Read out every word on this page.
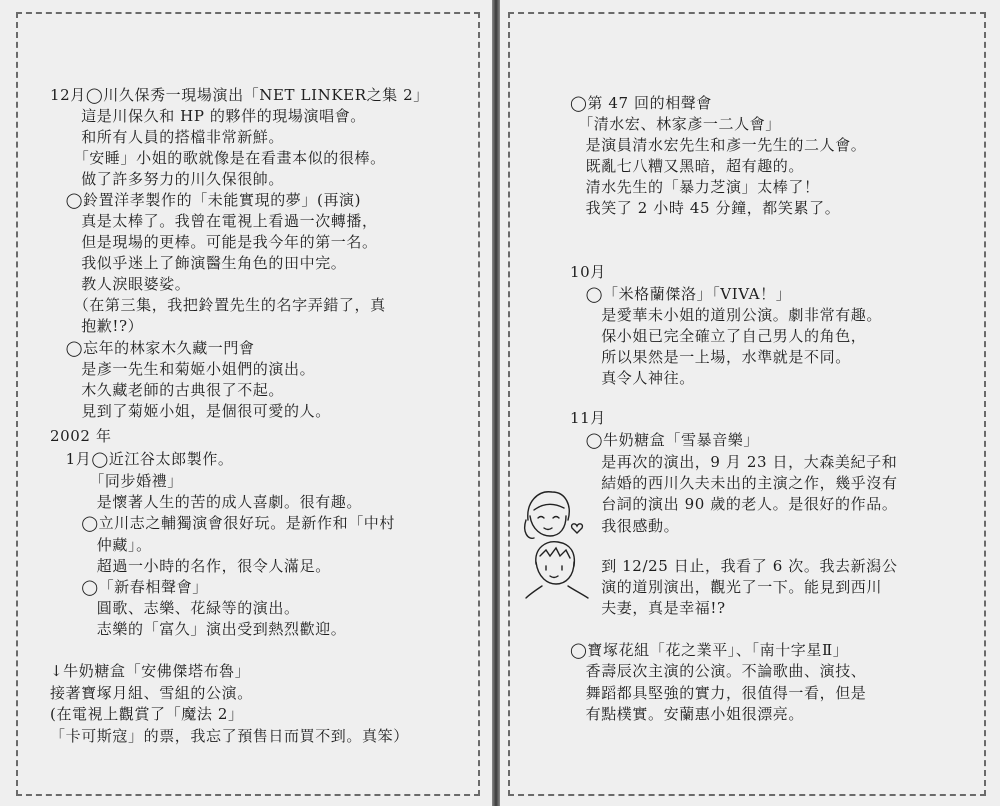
12月◯川久保秀一現場演出「NET LINKER之集 2」
　　這是川保久和 HP 的夥伴的現場演唱會。
　　和所有人員的搭檔非常新鮮。
　　「安睡」小姐的歌就像是在看畫本似的很棒。
　　做了許多努力的川久保很帥。
　◯鈴置洋孝製作的「未能實現的夢」(再演)
　　真是太棒了。我曾在電視上看過一次轉播，
　　但是現場的更棒。可能是我今年的第一名。
　　我似乎迷上了飾演醫生角色的田中完。
　　教人淚眼婆娑。
　　（在第三集，我把鈴置先生的名字弄錯了，真
　　抱歉!?）
　◯忘年的林家木久藏一門會
　　是彥一先生和菊姬小姐們的演出。
　　木久藏老師的古典很了不起。
　　見到了菊姬小姐，是個很可愛的人。
2002 年
　1月◯近江谷太郎製作。
　　　「同步婚禮」
　　　是懷著人生的苦的成人喜劇。很有趣。
　　◯立川志之輔獨演會很好玩。是新作和「中村
　　　仲藏」。
　　　超過一小時的名作，很令人滿足。
　　◯「新春相聲會」
　　　圓歌、志樂、花緑等的演出。
　　　志樂的「富久」演出受到熱烈歡迎。
↓牛奶糖盒「安佛傑塔布魯」
接著寶塚月組、雪組的公演。
(在電視上觀賞了「魔法 2」
「卡可斯寇」的票，我忘了預售日而買不到。真笨）
◯第 47 回的相聲會
　「清水宏、林家彥一二人會」
　是演員清水宏先生和彥一先生的二人會。
　既亂七八糟又黑暗，超有趣的。
　清水先生的「暴力芝演」太棒了！
　我笑了 2 小時 45 分鐘，都笑累了。
10月
　◯「米格蘭傑洛」「VIVA！」
　　是愛華未小姐的道別公演。劇非常有趣。
　　保小姐已完全確立了自己男人的角色，
　　所以果然是一上場，水準就是不同。
　　真令人神往。
11月
　◯牛奶糖盒「雪暴音樂」
　　是再次的演出，9 月 23 日，大森美紀子和
　　結婚的西川久夫未出的主演之作，幾乎沒有
　　台詞的演出 90 歲的老人。是很好的作品。
　　我很感動。
　　到 12/25 日止，我看了 6 次。我去新潟公
　　演的道別演出，觀光了一下。能見到西川
　　夫妻，真是幸福!?
◯寶塚花組「花之業平」、「南十字星Ⅱ」
　香壽辰次主演的公演。不論歌曲、演技、
　舞蹈都具堅強的實力，很值得一看，但是
　有點樸實。安蘭惠小姐很漂亮。
